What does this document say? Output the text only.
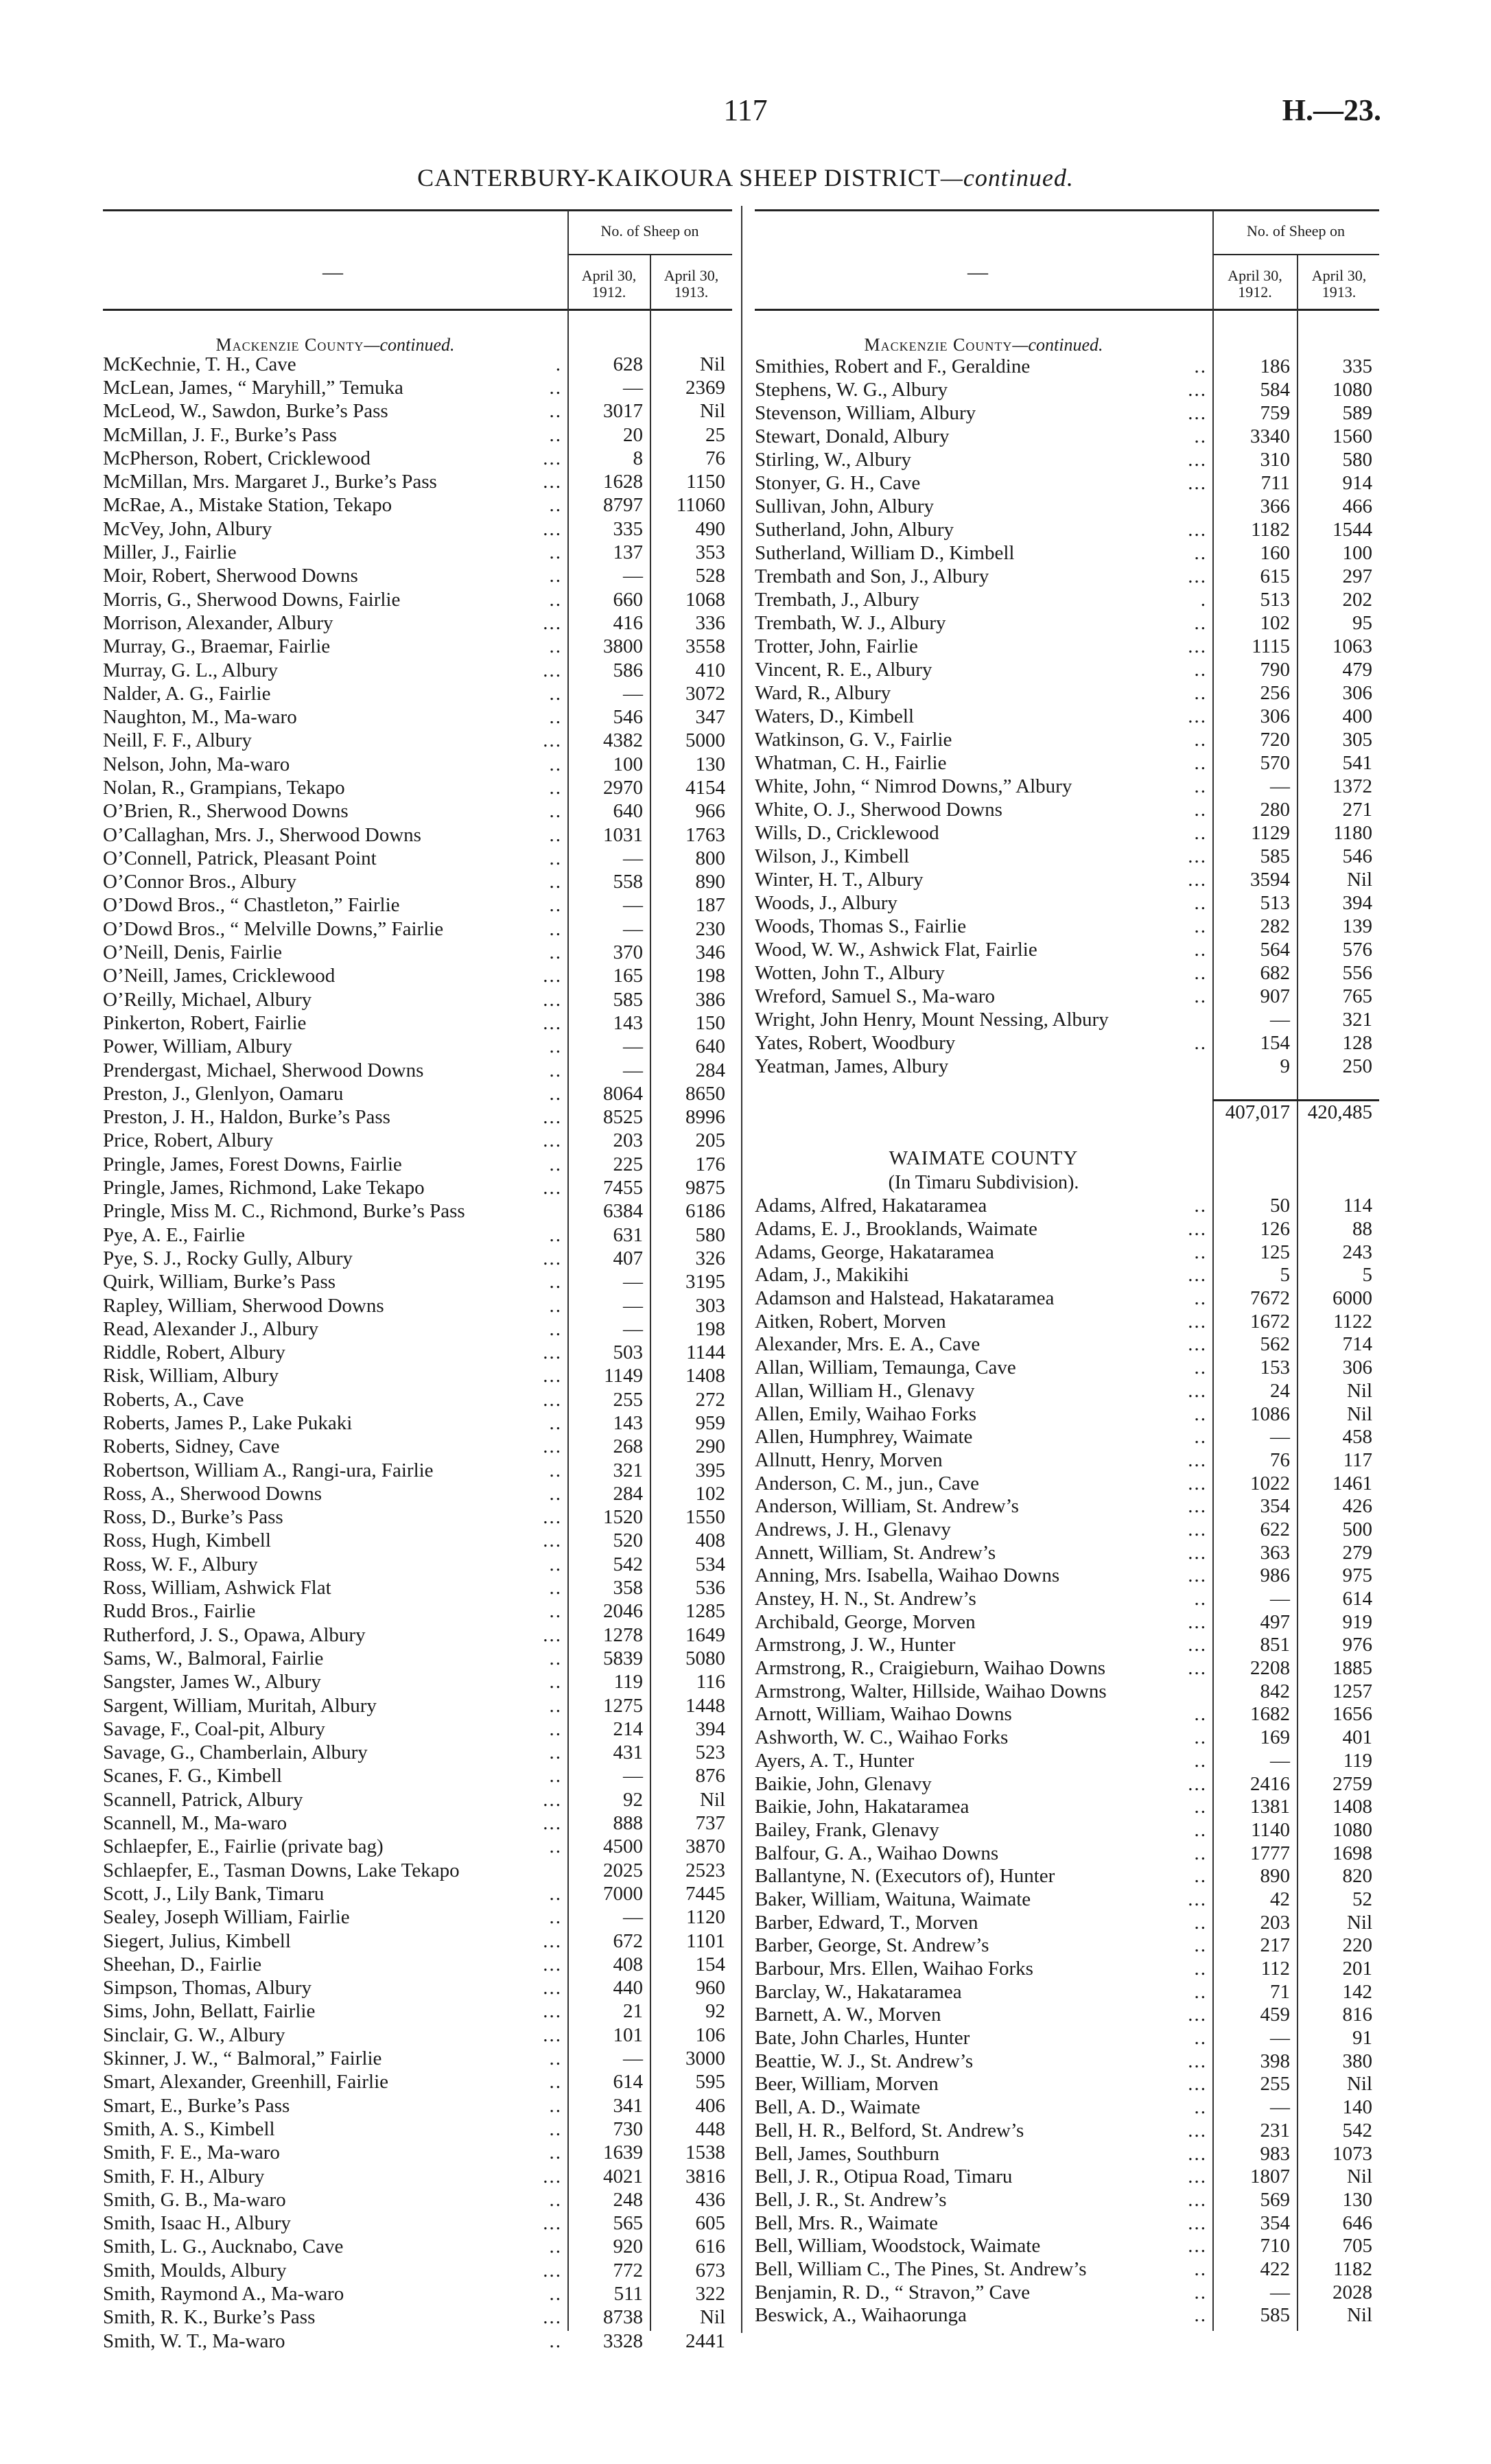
117	H.—23.
CANTERBURY-KAIKOURA SHEEP DISTRICT—continued.
—
No. of Sheep on
April 30, 1912.
April 30, 1913.
—
No. of Sheep on
April 30, 1912.
April 30, 1913.
Mackenzie County—continued.	Mackenzie County—continued.
McKechnie, T. H., Cave	.	628	Nil
McLean, James, “ Maryhill,” Temuka	..	—	2369
McLeod, W., Sawdon, Burke’s Pass	..	3017	Nil
McMillan, J. F., Burke’s Pass	..	20	25
McPherson, Robert, Cricklewood	...	8	76
McMillan, Mrs. Margaret J., Burke’s Pass	...	1628	1150
McRae, A., Mistake Station, Tekapo	..	8797	11060
McVey, John, Albury	...	335	490
Miller, J., Fairlie	..	137	353
Moir, Robert, Sherwood Downs	..	—	528
Morris, G., Sherwood Downs, Fairlie	..	660	1068
Morrison, Alexander, Albury	...	416	336
Murray, G., Braemar, Fairlie	..	3800	3558
Murray, G. L., Albury	...	586	410
Nalder, A. G., Fairlie	..	—	3072
Naughton, M., Ma-waro	..	546	347
Neill, F. F., Albury	...	4382	5000
Nelson, John, Ma-waro	..	100	130
Nolan, R., Grampians, Tekapo	..	2970	4154
O’Brien, R., Sherwood Downs	..	640	966
O’Callaghan, Mrs. J., Sherwood Downs	..	1031	1763
O’Connell, Patrick, Pleasant Point	..	—	800
O’Connor Bros., Albury	..	558	890
O’Dowd Bros., “ Chastleton,” Fairlie	..	—	187
O’Dowd Bros., “ Melville Downs,” Fairlie	..	—	230
O’Neill, Denis, Fairlie	..	370	346
O’Neill, James, Cricklewood	...	165	198
O’Reilly, Michael, Albury	...	585	386
Pinkerton, Robert, Fairlie	...	143	150
Power, William, Albury	..	—	640
Prendergast, Michael, Sherwood Downs	..	—	284
Preston, J., Glenlyon, Oamaru	..	8064	8650
Preston, J. H., Haldon, Burke’s Pass	...	8525	8996
Price, Robert, Albury	...	203	205
Pringle, James, Forest Downs, Fairlie	..	225	176
Pringle, James, Richmond, Lake Tekapo	...	7455	9875
Pringle, Miss M. C., Richmond, Burke’s Pass	6384	6186
Pye, A. E., Fairlie	..	631	580
Pye, S. J., Rocky Gully, Albury	...	407	326
Quirk, William, Burke’s Pass	..	—	3195
Rapley, William, Sherwood Downs	..	—	303
Read, Alexander J., Albury	..	—	198
Riddle, Robert, Albury	...	503	1144
Risk, William, Albury	...	1149	1408
Roberts, A., Cave	...	255	272
Roberts, James P., Lake Pukaki	..	143	959
Roberts, Sidney, Cave	...	268	290
Robertson, William A., Rangi-ura, Fairlie	..	321	395
Ross, A., Sherwood Downs	..	284	102
Ross, D., Burke’s Pass	...	1520	1550
Ross, Hugh, Kimbell	...	520	408
Ross, W. F., Albury	..	542	534
Ross, William, Ashwick Flat	..	358	536
Rudd Bros., Fairlie	..	2046	1285
Rutherford, J. S., Opawa, Albury	...	1278	1649
Sams, W., Balmoral, Fairlie	..	5839	5080
Sangster, James W., Albury	..	119	116
Sargent, William, Muritah, Albury	..	1275	1448
Savage, F., Coal-pit, Albury	..	214	394
Savage, G., Chamberlain, Albury	..	431	523
Scanes, F. G., Kimbell	..	—	876
Scannell, Patrick, Albury	...	92	Nil
Scannell, M., Ma-waro	...	888	737
Schlaepfer, E., Fairlie (private bag)	..	4500	3870
Schlaepfer, E., Tasman Downs, Lake Tekapo	2025	2523
Scott, J., Lily Bank, Timaru	..	7000	7445
Sealey, Joseph William, Fairlie	..	—	1120
Siegert, Julius, Kimbell	...	672	1101
Sheehan, D., Fairlie	...	408	154
Simpson, Thomas, Albury	...	440	960
Sims, John, Bellatt, Fairlie	...	21	92
Sinclair, G. W., Albury	...	101	106
Skinner, J. W., “ Balmoral,” Fairlie	..	—	3000
Smart, Alexander, Greenhill, Fairlie	..	614	595
Smart, E., Burke’s Pass	..	341	406
Smith, A. S., Kimbell	..	730	448
Smith, F. E., Ma-waro	..	1639	1538
Smith, F. H., Albury	...	4021	3816
Smith, G. B., Ma-waro	..	248	436
Smith, Isaac H., Albury	...	565	605
Smith, L. G., Aucknabo, Cave	..	920	616
Smith, Moulds, Albury	...	772	673
Smith, Raymond A., Ma-waro	..	511	322
Smith, R. K., Burke’s Pass	...	8738	Nil
Smith, W. T., Ma-waro	..	3328	2441
Smithies, Robert and F., Geraldine	..	186	335
Stephens, W. G., Albury	...	584	1080
Stevenson, William, Albury	...	759	589
Stewart, Donald, Albury	..	3340	1560
Stirling, W., Albury	...	310	580
Stonyer, G. H., Cave	...	711	914
Sullivan, John, Albury	366	466
Sutherland, John, Albury	...	1182	1544
Sutherland, William D., Kimbell	..	160	100
Trembath and Son, J., Albury	...	615	297
Trembath, J., Albury	.	513	202
Trembath, W. J., Albury	..	102	95
Trotter, John, Fairlie	...	1115	1063
Vincent, R. E., Albury	..	790	479
Ward, R., Albury	..	256	306
Waters, D., Kimbell	...	306	400
Watkinson, G. V., Fairlie	..	720	305
Whatman, C. H., Fairlie	..	570	541
White, John, “ Nimrod Downs,” Albury	..	—	1372
White, O. J., Sherwood Downs	..	280	271
Wills, D., Cricklewood	..	1129	1180
Wilson, J., Kimbell	...	585	546
Winter, H. T., Albury	...	3594	Nil
Woods, J., Albury	..	513	394
Woods, Thomas S., Fairlie	..	282	139
Wood, W. W., Ashwick Flat, Fairlie	..	564	576
Wotten, John T., Albury	..	682	556
Wreford, Samuel S., Ma-waro	..	907	765
Wright, John Henry, Mount Nessing, Albury	—	321
Yates, Robert, Woodbury	..	154	128
Yeatman, James, Albury	9	250
407,017 420,485
WAIMATE COUNTY
(In Timaru Subdivision).
Adams, Alfred, Hakataramea	..	50	114
Adams, E. J., Brooklands, Waimate	...	126	88
Adams, George, Hakataramea	..	125	243
Adam, J., Makikihi	...	5	5
Adamson and Halstead, Hakataramea	..	7672	6000
Aitken, Robert, Morven	...	1672	1122
Alexander, Mrs. E. A., Cave	...	562	714
Allan, William, Temaunga, Cave	..	153	306
Allan, William H., Glenavy	...	24	Nil
Allen, Emily, Waihao Forks	..	1086	Nil
Allen, Humphrey, Waimate	..	—	458
Allnutt, Henry, Morven	...	76	117
Anderson, C. M., jun., Cave	...	1022	1461
Anderson, William, St. Andrew’s	...	354	426
Andrews, J. H., Glenavy	...	622	500
Annett, William, St. Andrew’s	...	363	279
Anning, Mrs. Isabella, Waihao Downs	...	986	975
Anstey, H. N., St. Andrew’s	..	—	614
Archibald, George, Morven	...	497	919
Armstrong, J. W., Hunter	...	851	976
Armstrong, R., Craigieburn, Waihao Downs	...	2208	1885
Armstrong, Walter, Hillside, Waihao Downs	842	1257
Arnott, William, Waihao Downs	..	1682	1656
Ashworth, W. C., Waihao Forks	..	169	401
Ayers, A. T., Hunter	..	—	119
Baikie, John, Glenavy	...	2416	2759
Baikie, John, Hakataramea	..	1381	1408
Bailey, Frank, Glenavy	..	1140	1080
Balfour, G. A., Waihao Downs	..	1777	1698
Ballantyne, N. (Executors of), Hunter	..	890	820
Baker, William, Waituna, Waimate	...	42	52
Barber, Edward, T., Morven	..	203	Nil
Barber, George, St. Andrew’s	..	217	220
Barbour, Mrs. Ellen, Waihao Forks	..	112	201
Barclay, W., Hakataramea	..	71	142
Barnett, A. W., Morven	...	459	816
Bate, John Charles, Hunter	..	—	91
Beattie, W. J., St. Andrew’s	...	398	380
Beer, William, Morven	...	255	Nil
Bell, A. D., Waimate	..	—	140
Bell, H. R., Belford, St. Andrew’s	...	231	542
Bell, James, Southburn	...	983	1073
Bell, J. R., Otipua Road, Timaru	...	1807	Nil
Bell, J. R., St. Andrew’s	...	569	130
Bell, Mrs. R., Waimate	...	354	646
Bell, William, Woodstock, Waimate	...	710	705
Bell, William C., The Pines, St. Andrew’s	..	422	1182
Benjamin, R. D., “ Stravon,” Cave	..	—	2028
Beswick, A., Waihaorunga	..	585	Nil
